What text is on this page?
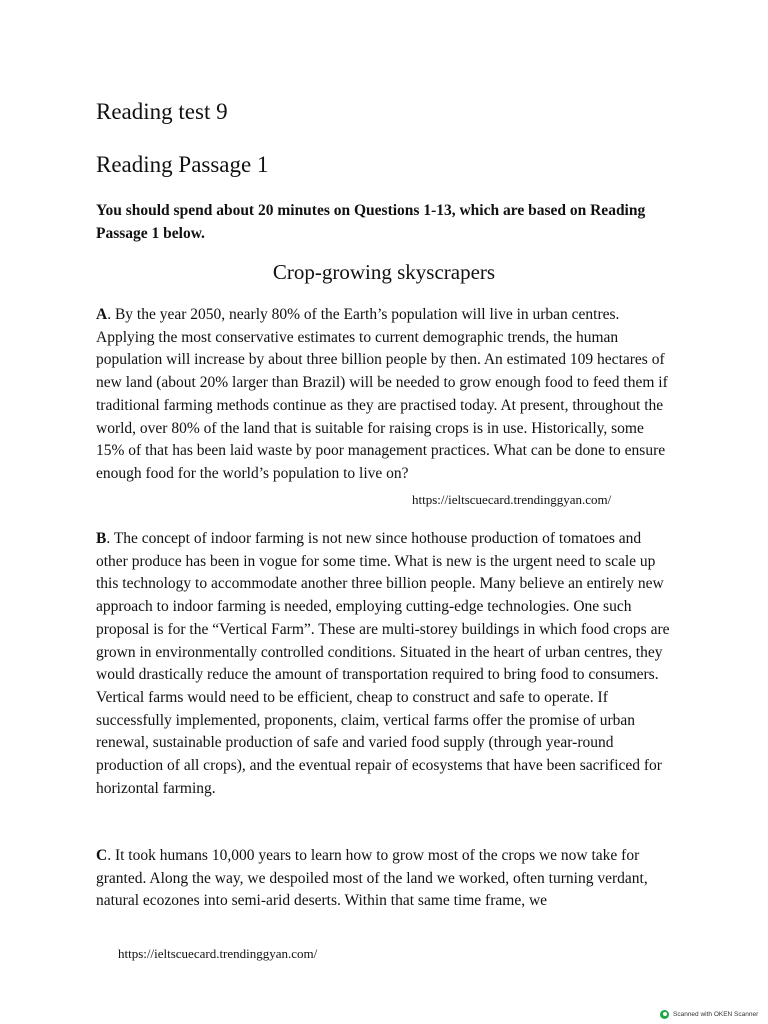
Reading test 9
Reading Passage 1

You should spend about 20 minutes on Questions 1-13, which are based on Reading Passage 1 below.

Crop-growing skyscrapers

A. By the year 2050, nearly 80% of the Earth’s population will live in urban centres. Applying the most conservative estimates to current demographic trends, the human population will increase by about three billion people by then. An estimated 109 hectares of new land (about 20% larger than Brazil) will be needed to grow enough food to feed them if traditional farming methods continue as they are practised today. At present, throughout the world, over 80% of the land that is suitable for raising crops is in use. Historically, some 15% of that has been laid waste by poor management practices. What can be done to ensure enough food for the world’s population to live on?

https://ieltscuecard.trendinggyan.com/

B. The concept of indoor farming is not new since hothouse production of tomatoes and other produce has been in vogue for some time. What is new is the urgent need to scale up this technology to accommodate another three billion people. Many believe an entirely new approach to indoor farming is needed, employing cutting-edge technologies. One such proposal is for the “Vertical Farm”. These are multi-storey buildings in which food crops are grown in environmentally controlled conditions. Situated in the heart of urban centres, they would drastically reduce the amount of transportation required to bring food to consumers. Vertical farms would need to be efficient, cheap to construct and safe to operate. If successfully implemented, proponents, claim, vertical farms offer the promise of urban renewal, sustainable production of safe and varied food supply (through year-round production of all crops), and the eventual repair of ecosystems that have been sacrificed for horizontal farming.

C. It took humans 10,000 years to learn how to grow most of the crops we now take for granted. Along the way, we despoiled most of the land we worked, often turning verdant, natural ecozones into semi-arid deserts. Within that same time frame, we

https://ieltscuecard.trendinggyan.com/
Scanned with OKEN Scanner
